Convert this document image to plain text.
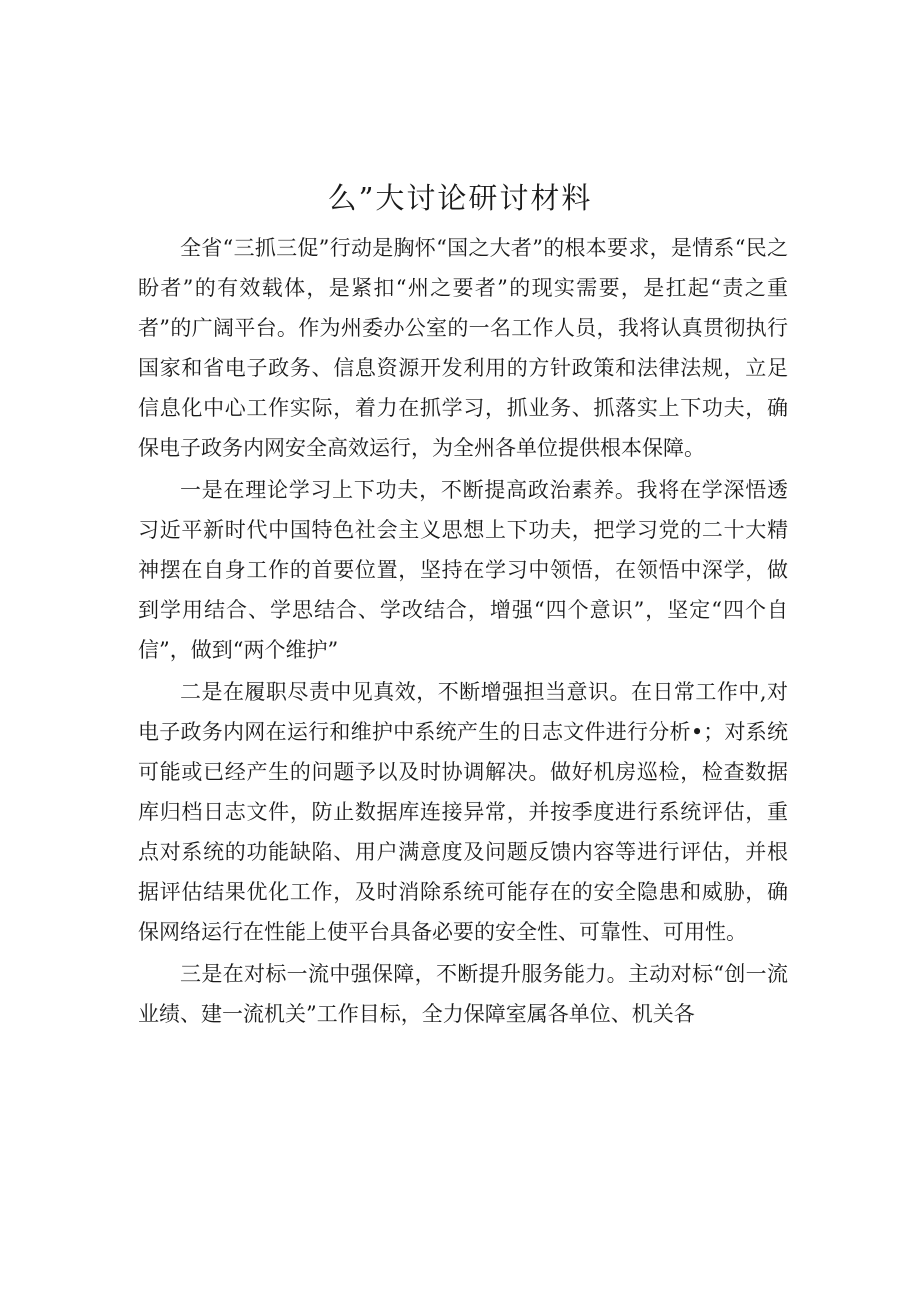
么”大讨论研讨材料

全省“三抓三促”行动是胸怀“国之大者”的根本要求，是情系“民之盼者”的有效载体，是紧扣“州之要者”的现实需要，是扛起“责之重者”的广阔平台。作为州委办公室的一名工作人员，我将认真贯彻执行国家和省电子政务、信息资源开发利用的方针政策和法律法规，立足信息化中心工作实际，着力在抓学习，抓业务、抓落实上下功夫，确保电子政务内网安全高效运行，为全州各单位提供根本保障。

一是在理论学习上下功夫，不断提高政治素养。我将在学深悟透习近平新时代中国特色社会主义思想上下功夫，把学习党的二十大精神摆在自身工作的首要位置，坚持在学习中领悟，在领悟中深学，做到学用结合、学思结合、学改结合，增强“四个意识”，坚定“四个自信”，做到“两个维护”

二是在履职尽责中见真效，不断增强担当意识。在日常工作中,对电子政务内网在运行和维护中系统产生的日志文件进行分析•；对系统可能或已经产生的问题予以及时协调解决。做好机房巡检，检查数据库归档日志文件，防止数据库连接异常，并按季度进行系统评估，重点对系统的功能缺陷、用户满意度及问题反馈内容等进行评估，并根据评估结果优化工作，及时消除系统可能存在的安全隐患和威胁，确保网络运行在性能上使平台具备必要的安全性、可靠性、可用性。

三是在对标一流中强保障，不断提升服务能力。主动对标“创一流业绩、建一流机关”工作目标，全力保障室属各单位、机关各
